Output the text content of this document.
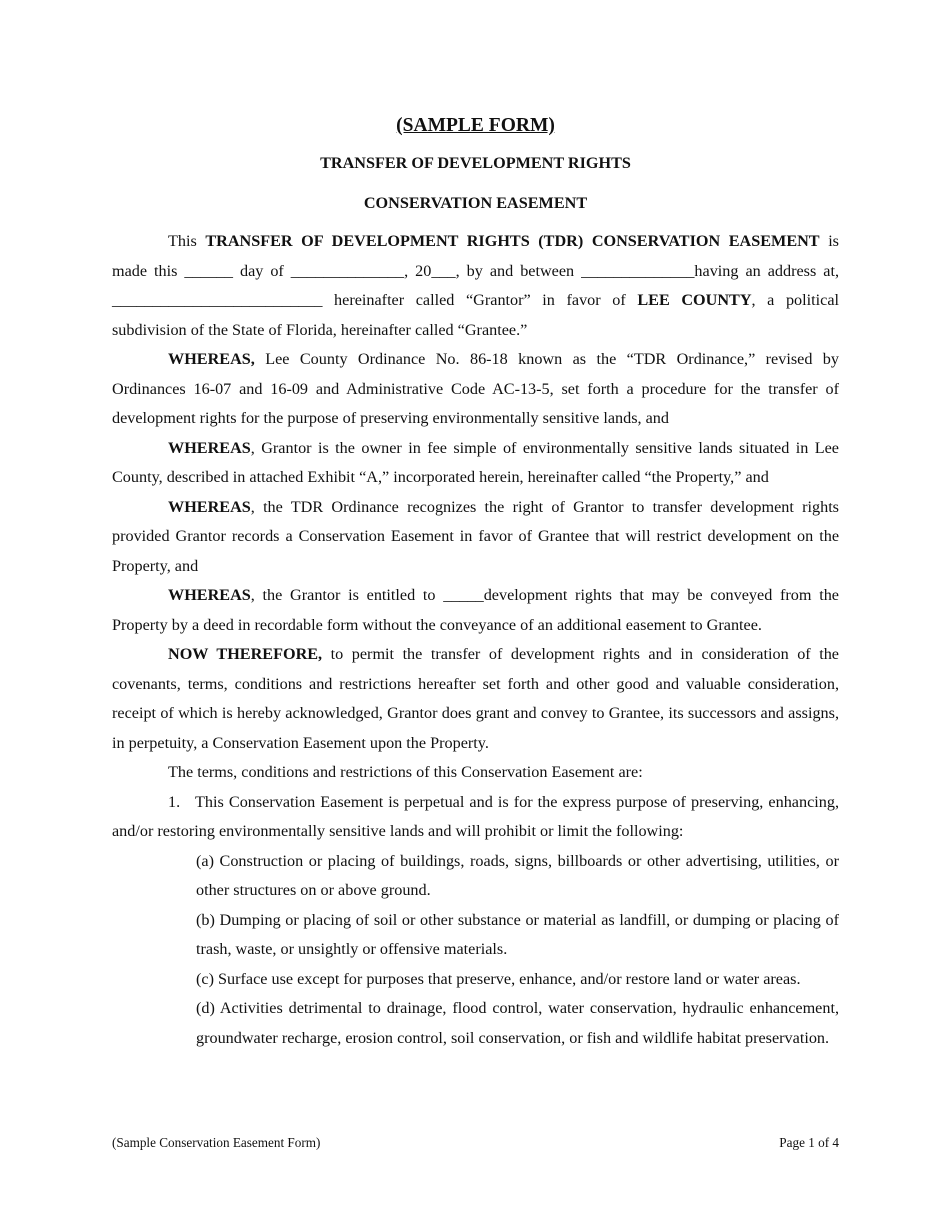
(SAMPLE FORM)
TRANSFER OF DEVELOPMENT RIGHTS
CONSERVATION EASEMENT

This TRANSFER OF DEVELOPMENT RIGHTS (TDR) CONSERVATION EASEMENT is made this ______ day of ______________, 20___, by and between ______________having an address at, __________________________ hereinafter called “Grantor” in favor of LEE COUNTY, a political subdivision of the State of Florida, hereinafter called “Grantee.”

WHEREAS, Lee County Ordinance No. 86-18 known as the “TDR Ordinance,” revised by Ordinances 16-07 and 16-09 and Administrative Code AC-13-5, set forth a procedure for the transfer of development rights for the purpose of preserving environmentally sensitive lands, and

WHEREAS, Grantor is the owner in fee simple of environmentally sensitive lands situated in Lee County, described in attached Exhibit “A,” incorporated herein, hereinafter called “the Property,” and

WHEREAS, the TDR Ordinance recognizes the right of Grantor to transfer development rights provided Grantor records a Conservation Easement in favor of Grantee that will restrict development on the Property, and

WHEREAS, the Grantor is entitled to _____development rights that may be conveyed from the Property by a deed in recordable form without the conveyance of an additional easement to Grantee.

NOW THEREFORE, to permit the transfer of development rights and in consideration of the covenants, terms, conditions and restrictions hereafter set forth and other good and valuable consideration, receipt of which is hereby acknowledged, Grantor does grant and convey to Grantee, its successors and assigns, in perpetuity, a Conservation Easement upon the Property.

The terms, conditions and restrictions of this Conservation Easement are:

1.   This Conservation Easement is perpetual and is for the express purpose of preserving, enhancing, and/or restoring environmentally sensitive lands and will prohibit or limit the following:

(a) Construction or placing of buildings, roads, signs, billboards or other advertising, utilities, or other structures on or above ground.

(b) Dumping or placing of soil or other substance or material as landfill, or dumping or placing of trash, waste, or unsightly or offensive materials.

(c) Surface use except for purposes that preserve, enhance, and/or restore land or water areas.

(d) Activities detrimental to drainage, flood control, water conservation, hydraulic enhancement, groundwater recharge, erosion control, soil conservation, or fish and wildlife habitat preservation.

(Sample Conservation Easement Form)	Page 1 of 4
